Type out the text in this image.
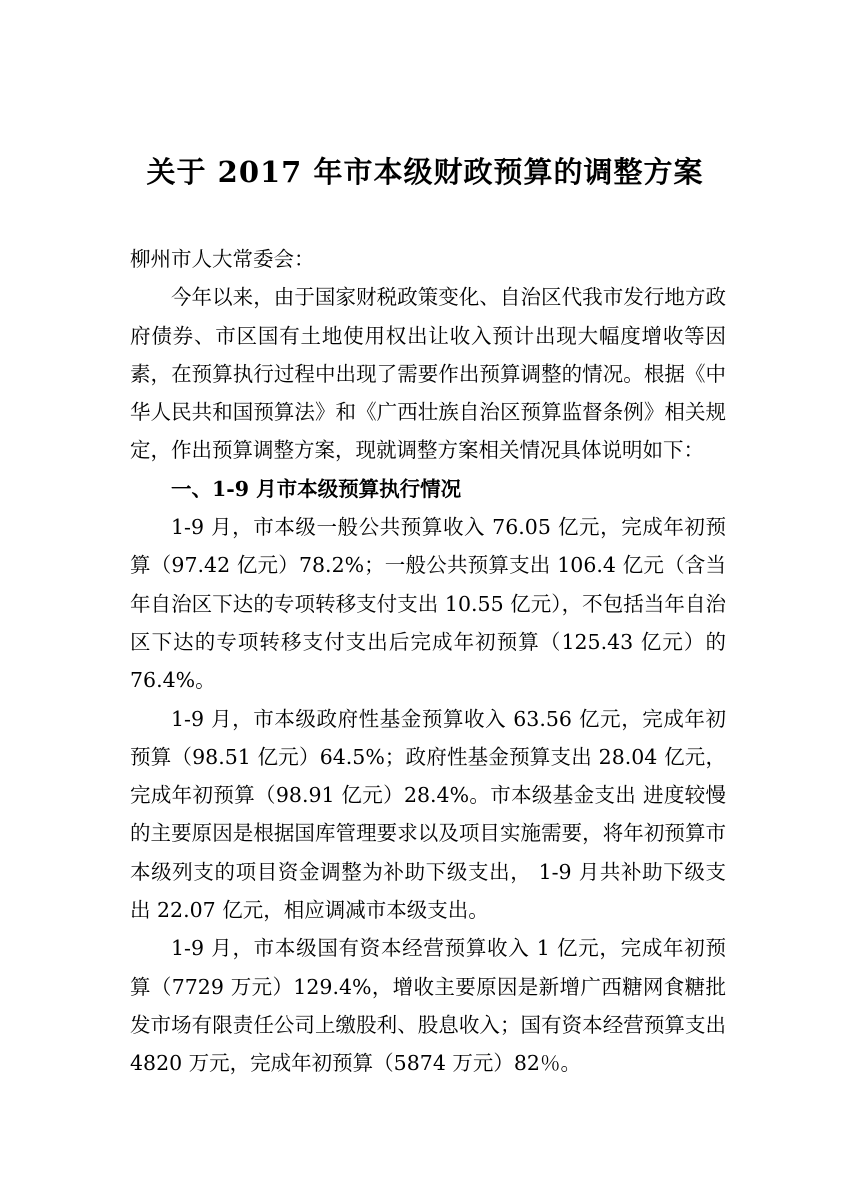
关于 2017 年市本级财政预算的调整方案

柳州市人大常委会：

今年以来，由于国家财税政策变化、自治区代我市发行地方政府债券、市区国有土地使用权出让收入预计出现大幅度增收等因素，在预算执行过程中出现了需要作出预算调整的情况。根据《中华人民共和国预算法》和《广西壮族自治区预算监督条例》相关规定，作出预算调整方案，现就调整方案相关情况具体说明如下：

一、1-9 月市本级预算执行情况

1-9 月，市本级一般公共预算收入 76.05 亿元，完成年初预算（97.42 亿元）78.2%；一般公共预算支出 106.4 亿元（含当年自治区下达的专项转移支付支出 10.55 亿元），不包括当年自治区下达的专项转移支付支出后完成年初预算（125.43 亿元）的 76.4%。

1-9 月，市本级政府性基金预算收入 63.56 亿元，完成年初预算（98.51 亿元）64.5%；政府性基金预算支出 28.04 亿元，完成年初预算（98.91 亿元）28.4%。市本级基金支出 进度较慢的主要原因是根据国库管理要求以及项目实施需要，将年初预算市本级列支的项目资金调整为补助下级支出， 1-9 月共补助下级支出 22.07 亿元，相应调减市本级支出。

1-9 月，市本级国有资本经营预算收入 1 亿元，完成年初预算（7729 万元）129.4%，增收主要原因是新增广西糖网食糖批发市场有限责任公司上缴股利、股息收入；国有资本经营预算支出 4820 万元，完成年初预算（5874 万元）82％。
